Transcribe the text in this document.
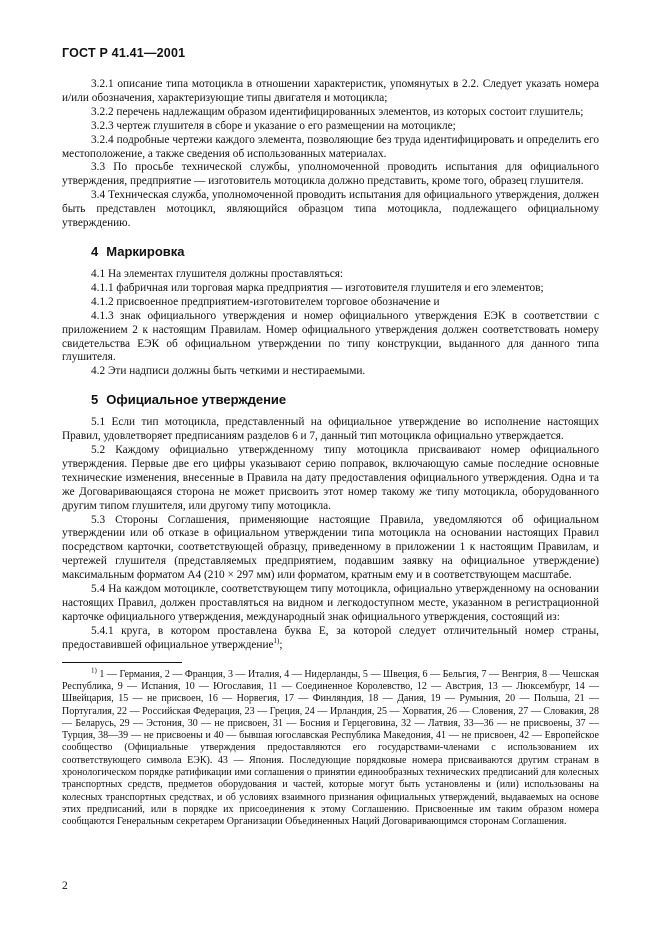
ГОСТ Р 41.41—2001

3.2.1 описание типа мотоцикла в отношении характеристик, упомянутых в 2.2. Следует указать номера и/или обозначения, характеризующие типы двигателя и мотоцикла;

3.2.2 перечень надлежащим образом идентифицированных элементов, из которых состоит глушитель;

3.2.3 чертеж глушителя в сборе и указание о его размещении на мотоцикле;

3.2.4 подробные чертежи каждого элемента, позволяющие без труда идентифицировать и определить его местоположение, а также сведения об использованных материалах.

3.3 По просьбе технической службы, уполномоченной проводить испытания для официального утверждения, предприятие — изготовитель мотоцикла должно представить, кроме того, образец глушителя.

3.4 Техническая служба, уполномоченной проводить испытания для официального утверждения, должен быть представлен мотоцикл, являющийся образцом типа мотоцикла, подлежащего официальному утверждению.

4 Маркировка

4.1 На элементах глушителя должны проставляться:

4.1.1 фабричная или торговая марка предприятия — изготовителя глушителя и его элементов;

4.1.2 присвоенное предприятием-изготовителем торговое обозначение и

4.1.3 знак официального утверждения и номер официального утверждения ЕЭК в соответствии с приложением 2 к настоящим Правилам. Номер официального утверждения должен соответствовать номеру свидетельства ЕЭК об официальном утверждении по типу конструкции, выданного для данного типа глушителя.

4.2 Эти надписи должны быть четкими и нестираемыми.

5 Официальное утверждение

5.1 Если тип мотоцикла, представленный на официальное утверждение во исполнение настоящих Правил, удовлетворяет предписаниям разделов 6 и 7, данный тип мотоцикла официально утверждается.

5.2 Каждому официально утвержденному типу мотоцикла присваивают номер официального утверждения. Первые две его цифры указывают серию поправок, включающую самые последние основные технические изменения, внесенные в Правила на дату предоставления официального утверждения. Одна и та же Договаривающаяся сторона не может присвоить этот номер такому же типу мотоцикла, оборудованного другим типом глушителя, или другому типу мотоцикла.

5.3 Стороны Соглашения, применяющие настоящие Правила, уведомляются об официальном утверждении или об отказе в официальном утверждении типа мотоцикла на основании настоящих Правил посредством карточки, соответствующей образцу, приведенному в приложении 1 к настоящим Правилам, и чертежей глушителя (представляемых предприятием, подавшим заявку на официальное утверждение) максимальным форматом А4 (210 × 297 мм) или форматом, кратным ему и в соответствующем масштабе.

5.4 На каждом мотоцикле, соответствующем типу мотоцикла, официально утвержденному на основании настоящих Правил, должен проставляться на видном и легкодоступном месте, указанном в регистрационной карточке официального утверждения, международный знак официального утверждения, состоящий из:

5.4.1 круга, в котором проставлена буква Е, за которой следует отличительный номер страны, предоставившей официальное утверждение$^{1)}$;

$^{1)}$ 1 — Германия, 2 — Франция, 3 — Италия, 4 — Нидерланды, 5 — Швеция, 6 — Бельгия, 7 — Венгрия, 8 — Чешская Республика, 9 — Испания, 10 — Югославия, 11 — Соединенное Королевство, 12 — Австрия, 13 — Люксембург, 14 — Швейцария, 15 — не присвоен, 16 — Норвегия, 17 — Финляндия, 18 — Дания, 19 — Румыния, 20 — Польша, 21 — Португалия, 22 — Российская Федерация, 23 — Греция, 24 — Ирландия, 25 — Хорватия, 26 — Словения, 27 — Словакия, 28 — Беларусь, 29 — Эстония, 30 — не присвоен, 31 — Босния и Герцеговина, 32 — Латвия, 33—36 — не присвоены, 37 — Турция, 38—39 — не присвоены и 40 — бывшая югославская Республика Македония, 41 — не присвоен, 42 — Европейское сообщество (Официальные утверждения предоставляются его государствами-членами с использованием их соответствующего символа ЕЭК). 43 — Япония. Последующие порядковые номера присваиваются другим странам в хронологическом порядке ратификации ими соглашения о принятии единообразных технических предписаний для колесных транспортных средств, предметов оборудования и частей, которые могут быть установлены и (или) использованы на колесных транспортных средствах, и об условиях взаимного признания официальных утверждений, выдаваемых на основе этих предписаний, или в порядке их присоединения к этому Соглашению. Присвоенные им таким образом номера сообщаются Генеральным секретарем Организации Объединенных Наций Договаривающимся сторонам Соглашения.
2
